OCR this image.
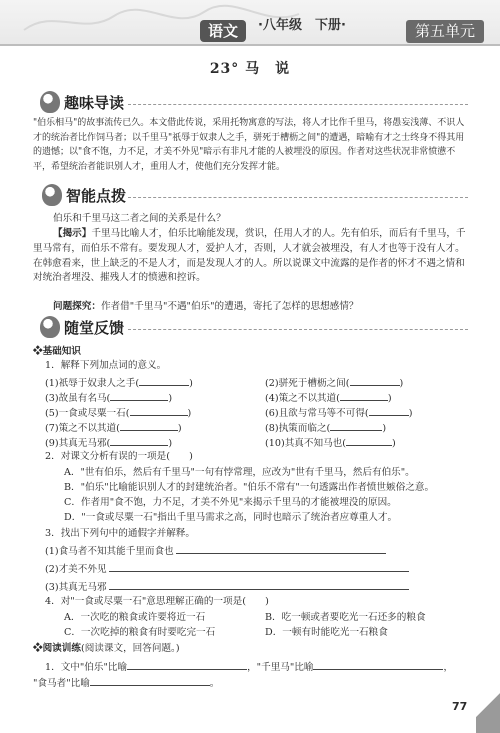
语文	·八年级　下册·	第五单元
23° 马　说
趣味导读
"伯乐相马"的故事流传已久。本文借此传说，采用托物寓意的写法，将人才比作千里马，将愚妄浅薄、不识人才的统治者比作饲马者；以千里马"祇辱于奴隶人之手，骈死于槽枥之间"的遭遇，暗喻有才之士终身不得其用的遗憾；以"食不饱，力不足，才美不外见"暗示有非凡才能的人被埋没的原因。作者对这些状况非常愤懑不平，希望统治者能识别人才，重用人才，使他们充分发挥才能。
智能点拨
伯乐和千里马这二者之间的关系是什么？
【揭示】千里马比喻人才，伯乐比喻能发现，赏识，任用人才的人。先有伯乐，而后有千里马，千里马常有，而伯乐不常有。要发现人才，爱护人才，否则，人才就会被埋没，有人才也等于没有人才。在韩愈看来，世上缺乏的不是人才，而是发现人才的人。所以说课文中流露的是作者的怀才不遇之情和对统治者埋没、摧残人才的愤懑和控诉。
问题探究：作者借"千里马"不遇"伯乐"的遭遇，寄托了怎样的思想感情？
随堂反馈
❖基础知识
1．解释下列加点词的意义。
(1)祇辱于奴隶人之手(	)	(2)骈死于槽枥之间(	)
(3)故虽有名马(	)	(4)策之不以其道(	)
(5)一食或尽粟一石(	)	(6)且欲与常马等不可得(	)
(7)策之不以其道(	)	(8)执策而临之(	)
(9)其真无马邪(	)	(10)其真不知马也(	)
2．对课文分析有误的一项是(　　)
A．"世有伯乐，然后有千里马"一句有悖常理，应改为"世有千里马，然后有伯乐"。
B．"伯乐"比喻能识别人才的封建统治者。"伯乐不常有"一句透露出作者愤世嫉俗之意。
C．作者用"食不饱，力不足，才美不外见"来揭示千里马的才能被埋没的原因。
D．"一食或尽粟一石"指出千里马需求之高，同时也暗示了统治者应尊重人才。
3．找出下列句中的通假字并解释。
(1)食马者不知其能千里而食也
(2)才美不外见
(3)其真无马邪
4．对"一食或尽粟一石"意思理解正确的一项是(　　)
A．一次吃的粮食或许要将近一石	B．吃一顿或者要吃光一石还多的粮食
C．一次吃掉的粮食有时要吃完一石	D．一顿有时能吃光一石粮食
❖阅读训练(阅读课文，回答问题。)
1．文中"伯乐"比喻	，"千里马"比喻	，
"食马者"比喻	。
77
